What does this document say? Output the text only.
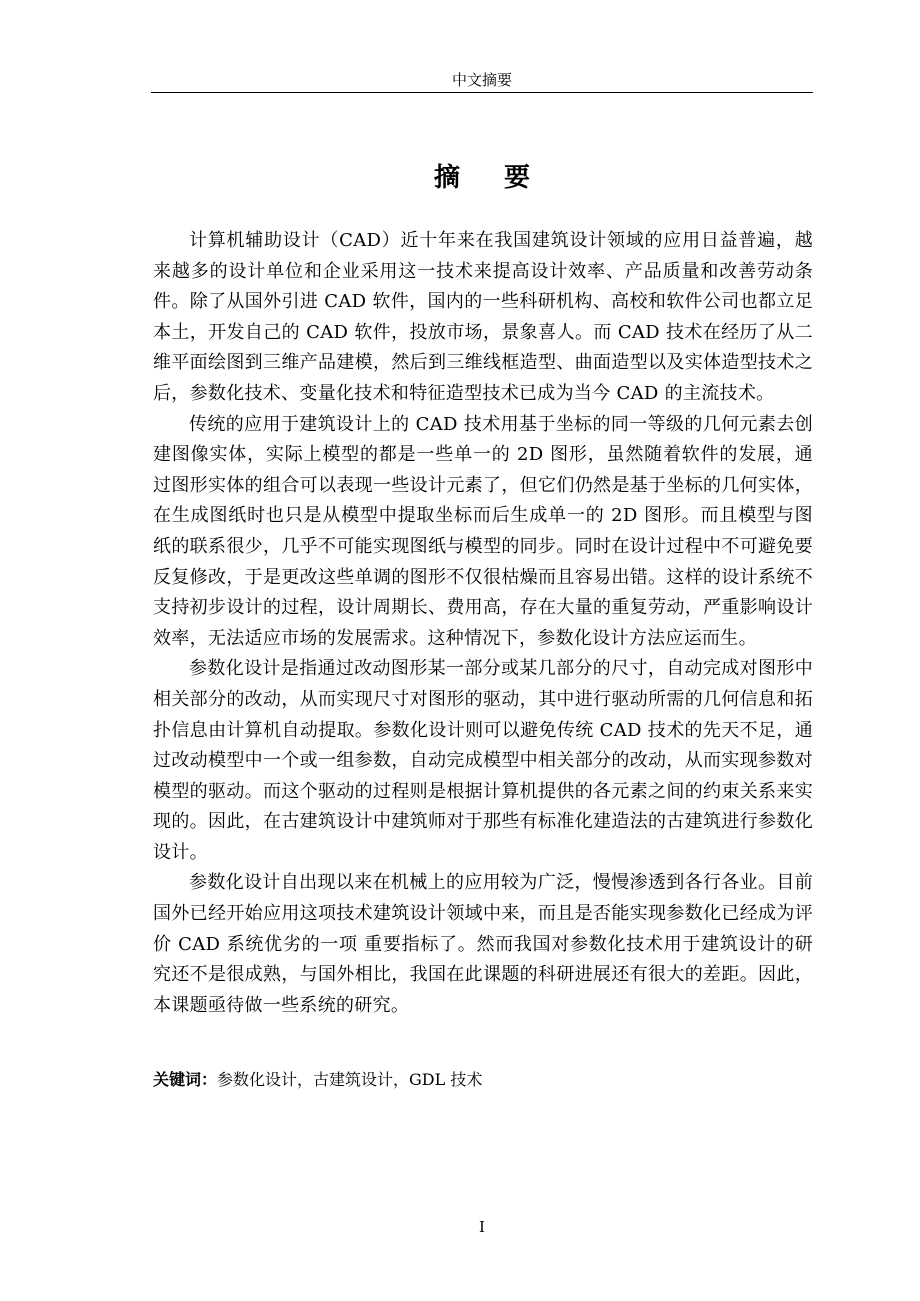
中文摘要
摘要

计算机辅助设计（CAD）近十年来在我国建筑设计领域的应用日益普遍，越来越多的设计单位和企业采用这一技术来提高设计效率、产品质量和改善劳动条件。除了从国外引进 CAD 软件，国内的一些科研机构、高校和软件公司也都立足本土，开发自己的 CAD 软件，投放市场，景象喜人。而 CAD 技术在经历了从二维平面绘图到三维产品建模，然后到三维线框造型、曲面造型以及实体造型技术之后，参数化技术、变量化技术和特征造型技术已成为当今 CAD 的主流技术。

传统的应用于建筑设计上的 CAD 技术用基于坐标的同一等级的几何元素去创建图像实体，实际上模型的都是一些单一的 2D 图形，虽然随着软件的发展，通过图形实体的组合可以表现一些设计元素了，但它们仍然是基于坐标的几何实体，在生成图纸时也只是从模型中提取坐标而后生成单一的 2D 图形。而且模型与图纸的联系很少，几乎不可能实现图纸与模型的同步。同时在设计过程中不可避免要反复修改，于是更改这些单调的图形不仅很枯燥而且容易出错。这样的设计系统不支持初步设计的过程，设计周期长、费用高，存在大量的重复劳动，严重影响设计效率，无法适应市场的发展需求。这种情况下，参数化设计方法应运而生。

参数化设计是指通过改动图形某一部分或某几部分的尺寸，自动完成对图形中相关部分的改动，从而实现尺寸对图形的驱动，其中进行驱动所需的几何信息和拓扑信息由计算机自动提取。参数化设计则可以避免传统 CAD 技术的先天不足，通过改动模型中一个或一组参数，自动完成模型中相关部分的改动，从而实现参数对模型的驱动。而这个驱动的过程则是根据计算机提供的各元素之间的约束关系来实现的。因此，在古建筑设计中建筑师对于那些有标准化建造法的古建筑进行参数化设计。

参数化设计自出现以来在机械上的应用较为广泛，慢慢渗透到各行各业。目前国外已经开始应用这项技术建筑设计领域中来，而且是否能实现参数化已经成为评价 CAD 系统优劣的一项 重要指标了。然而我国对参数化技术用于建筑设计的研究还不是很成熟，与国外相比，我国在此课题的科研进展还有很大的差距。因此，本课题亟待做一些系统的研究。

关键词：参数化设计，古建筑设计，GDL 技术
I
